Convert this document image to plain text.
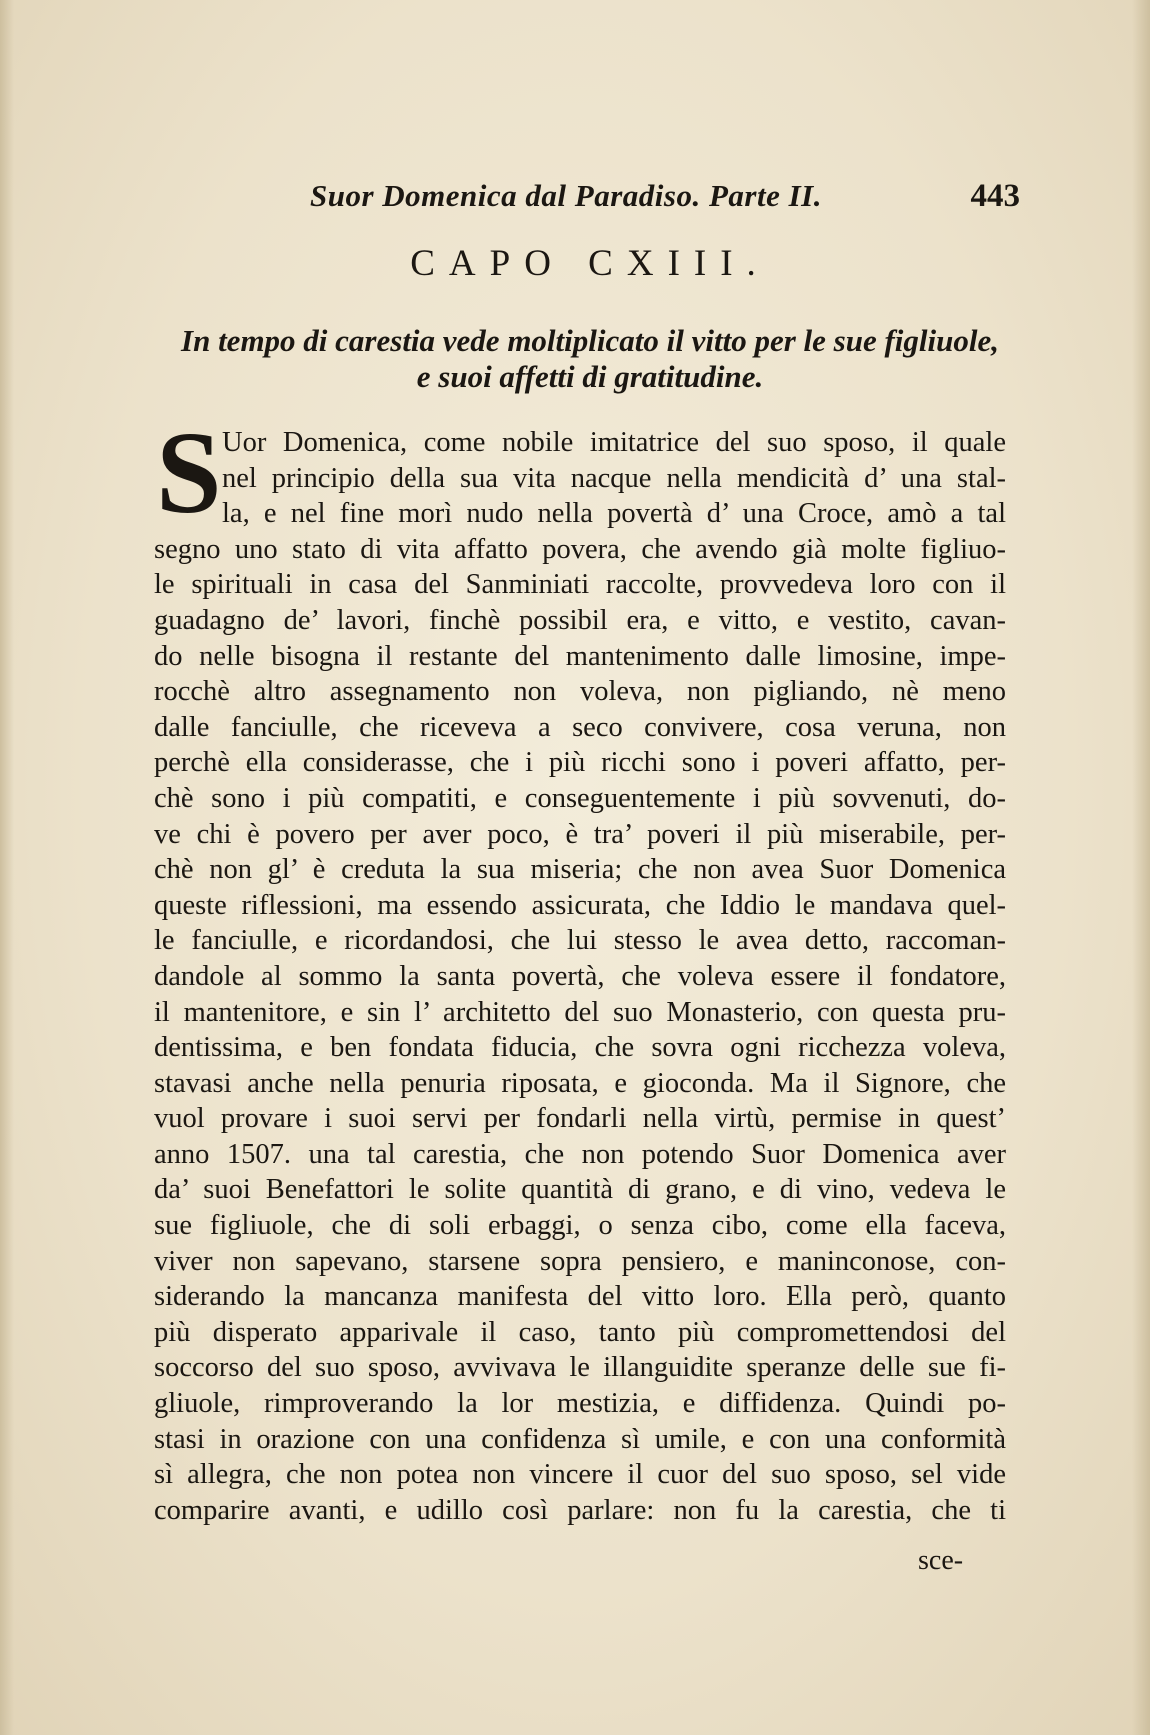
Suor Domenica dal Paradiso. Parte II.	443
CAPO CXIII.
In tempo di carestia vede moltiplicato il vitto per le sue figliuole,
e suoi affetti di gratitudine.
S Uor Domenica, come nobile imitatrice del suo sposo, il quale
nel principio della sua vita nacque nella mendicità d’ una stal-
la, e nel fine morì nudo nella povertà d’ una Croce, amò a tal
segno uno stato di vita affatto povera, che avendo già molte figliuo-
le spirituali in casa del Sanminiati raccolte, provvedeva loro con il
guadagno de’ lavori, finchè possibil era, e vitto, e vestito, cavan-
do nelle bisogna il restante del mantenimento dalle limosine, impe-
rocchè altro assegnamento non voleva, non pigliando, nè meno
dalle fanciulle, che riceveva a seco convivere, cosa veruna, non
perchè ella considerasse, che i più ricchi sono i poveri affatto, per-
chè sono i più compatiti, e conseguentemente i più sovvenuti, do-
ve chi è povero per aver poco, è tra’ poveri il più miserabile, per-
chè non gl’ è creduta la sua miseria; che non avea Suor Domenica
queste riflessioni, ma essendo assicurata, che Iddio le mandava quel-
le fanciulle, e ricordandosi, che lui stesso le avea detto, raccoman-
dandole al sommo la santa povertà, che voleva essere il fondatore,
il mantenitore, e sin l’ architetto del suo Monasterio, con questa pru-
dentissima, e ben fondata fiducia, che sovra ogni ricchezza voleva,
stavasi anche nella penuria riposata, e gioconda. Ma il Signore, che
vuol provare i suoi servi per fondarli nella virtù, permise in quest’
anno 1507. una tal carestia, che non potendo Suor Domenica aver
da’ suoi Benefattori le solite quantità di grano, e di vino, vedeva le
sue figliuole, che di soli erbaggi, o senza cibo, come ella faceva,
viver non sapevano, starsene sopra pensiero, e maninconose, con-
siderando la mancanza manifesta del vitto loro. Ella però, quanto
più disperato apparivale il caso, tanto più compromettendosi del
soccorso del suo sposo, avvivava le illanguidite speranze delle sue fi-
gliuole, rimproverando la lor mestizia, e diffidenza. Quindi po-
stasi in orazione con una confidenza sì umile, e con una conformità
sì allegra, che non potea non vincere il cuor del suo sposo, sel vide
comparire avanti, e udillo così parlare: non fu la carestia, che ti
sce-
